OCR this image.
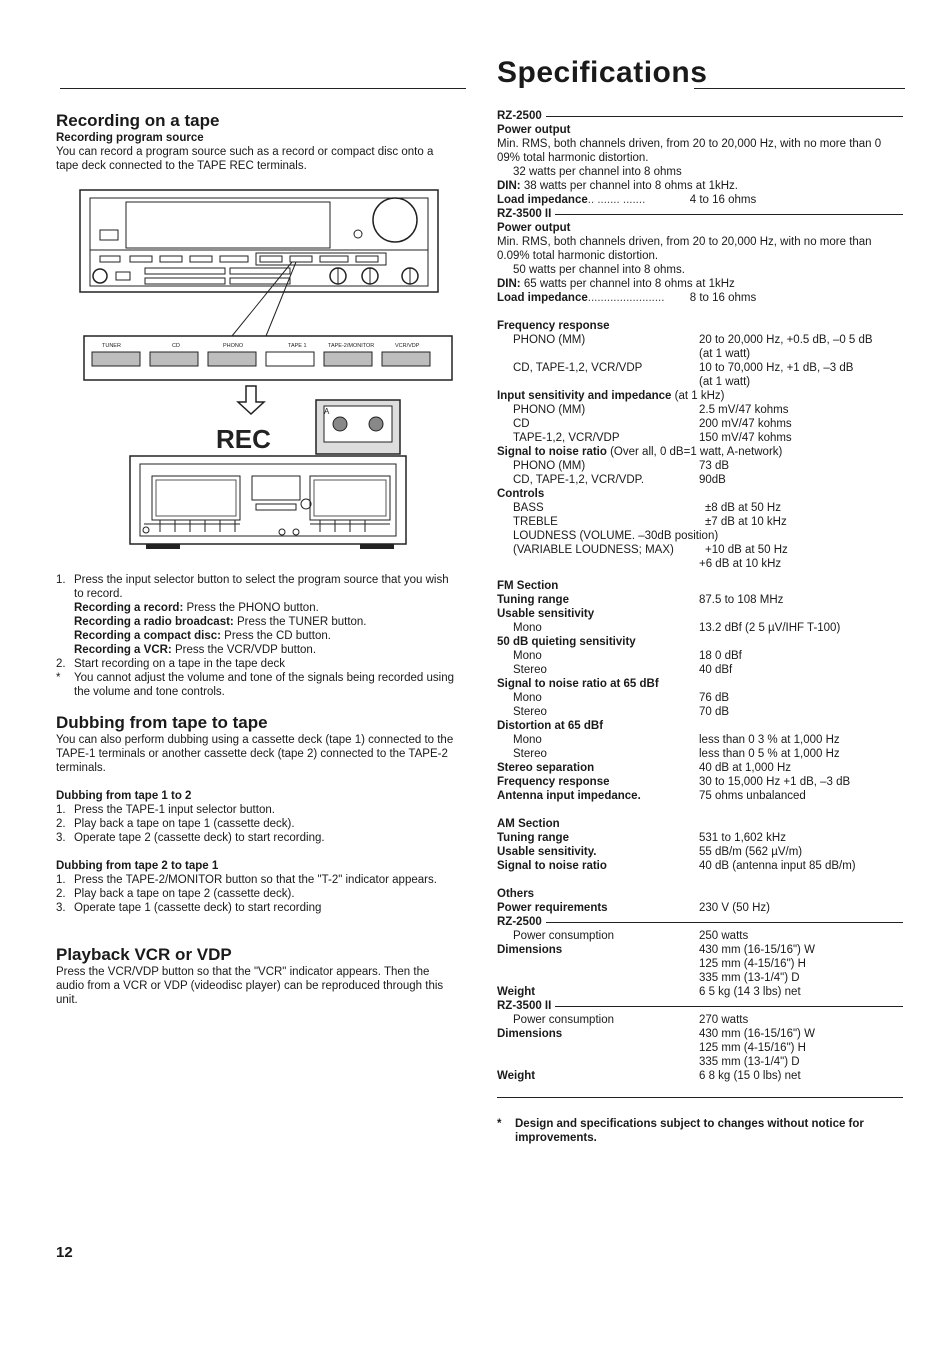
Specifications
Recording on a tape

Recording program source

You can record a program source such as a record or compact disc onto a tape deck connected to the TAPE REC terminals.

TUNER	CD	PHONO	TAPE 1	TAPE-2/MONITOR	VCR/VDP
REC
A
1. Press the input selector button to select the program source that you wish to record.
Recording a record: Press the PHONO button.
Recording a radio broadcast: Press the TUNER button.
Recording a compact disc: Press the CD button.
Recording a VCR: Press the VCR/VDP button.
2. Start recording on a tape in the tape deck
* You cannot adjust the volume and tone of the signals being recorded using the volume and tone controls.
Dubbing from tape to tape

You can also perform dubbing using a cassette deck (tape 1) connected to the TAPE-1 terminals or another cassette deck (tape 2) connected to the TAPE-2 terminals.

Dubbing from tape 1 to 2

1. Press the TAPE-1 input selector button.
2. Play back a tape on tape 1 (cassette deck).
3. Operate tape 2 (cassette deck) to start recording.

Dubbing from tape 2 to tape 1

1. Press the TAPE-2/MONITOR button so that the "T-2" indicator appears.
2. Play back a tape on tape 2 (cassette deck).
3. Operate tape 1 (cassette deck) to start recording
Playback VCR or VDP

Press the VCR/VDP button so that the "VCR" indicator appears. Then the audio from a VCR or VDP (videodisc player) can be reproduced through this unit.

12
RZ-2500
Power output
Min. RMS, both channels driven, from 20 to 20,000 Hz, with no more than 0 09% total harmonic distortion.
32 watts per channel into 8 ohms
DIN: 38 watts per channel into 8 ohms at 1kHz.
Load impedance .. ....... .......	4 to 16 ohms
RZ-3500 II
Power output
Min. RMS, both channels driven, from 20 to 20,000 Hz, with no more than 0.09% total harmonic distortion.
50 watts per channel into 8 ohms.
DIN: 65 watts per channel into 8 ohms at 1kHz
Load impedance ........................	8 to 16 ohms
Frequency response
PHONO (MM)	20 to 20,000 Hz, +0.5 dB, –0 5 dB
(at 1 watt)
CD, TAPE-1,2, VCR/VDP	10 to 70,000 Hz, +1 dB, –3 dB
(at 1 watt)
Input sensitivity and impedance (at 1 kHz)
PHONO (MM)	2.5 mV/47 kohms
CD	200 mV/47 kohms
TAPE-1,2, VCR/VDP	150 mV/47 kohms
Signal to noise ratio (Over all, 0 dB=1 watt, A-network)
PHONO (MM)	73 dB
CD, TAPE-1,2, VCR/VDP.	90dB
Controls
BASS	±8 dB at 50 Hz
TREBLE	±7 dB at 10 kHz
LOUDNESS (VOLUME. –30dB position)
(VARIABLE LOUDNESS; MAX)	+10 dB at 50 Hz
+6 dB at 10 kHz
FM Section
Tuning range	87.5 to 108 MHz
Usable sensitivity
Mono	13.2 dBf (2 5 µV/IHF T-100)
50 dB quieting sensitivity
Mono	18 0 dBf
Stereo	40 dBf
Signal to noise ratio at 65 dBf
Mono	76 dB
Stereo	70 dB
Distortion at 65 dBf
Mono	less than 0 3 % at 1,000 Hz
Stereo	less than 0 5 % at 1,000 Hz
Stereo separation	40 dB at 1,000 Hz
Frequency response	30 to 15,000 Hz +1 dB, –3 dB
Antenna input impedance.	75 ohms unbalanced
AM Section
Tuning range	531 to 1,602 kHz
Usable sensitivity.	55 dB/m (562 µV/m)
Signal to noise ratio	40 dB (antenna input 85 dB/m)
Others
Power requirements	230 V (50 Hz)
RZ-2500
Power consumption	250 watts
Dimensions	430 mm (16-15/16") W
125 mm (4-15/16") H
335 mm (13-1/4") D
Weight	6 5 kg (14 3 lbs) net
RZ-3500 II
Power consumption	270 watts
Dimensions	430 mm (16-15/16") W
125 mm (4-15/16") H
335 mm (13-1/4") D
Weight	6 8 kg (15 0 lbs) net
*	Design and specifications subject to changes without notice for improvements.
